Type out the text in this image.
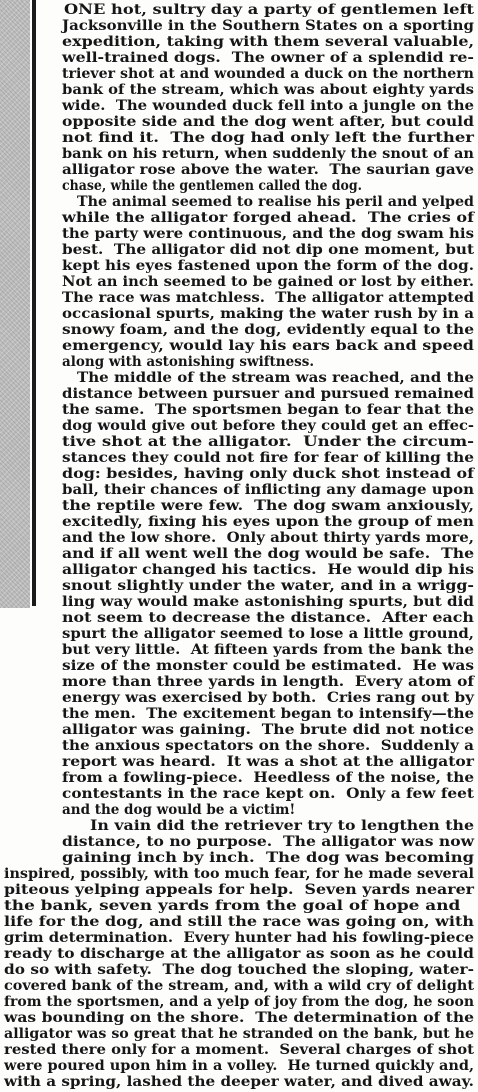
ONE hot, sultry day a party of gentlemen left
Jacksonville in the Southern States on a sporting
expedition, taking with them several valuable,
well-trained dogs.  The owner of a splendid re-
triever shot at and wounded a duck on the northern
bank of the stream, which was about eighty yards
wide.  The wounded duck fell into a jungle on the
opposite side and the dog went after, but could
not find it.  The dog had only left the further
bank on his return, when suddenly the snout of an
alligator rose above the water.  The saurian gave
chase, while the gentlemen called the dog.
The animal seemed to realise his peril and yelped
while the alligator forged ahead.  The cries of
the party were continuous, and the dog swam his
best.  The alligator did not dip one moment, but
kept his eyes fastened upon the form of the dog.
Not an inch seemed to be gained or lost by either.
The race was matchless.  The alligator attempted
occasional spurts, making the water rush by in a
snowy foam, and the dog, evidently equal to the
emergency, would lay his ears back and speed
along with astonishing swiftness.
The middle of the stream was reached, and the
distance between pursuer and pursued remained
the same.  The sportsmen began to fear that the
dog would give out before they could get an effec-
tive shot at the alligator.  Under the circum-
stances they could not fire for fear of killing the
dog: besides, having only duck shot instead of
ball, their chances of inflicting any damage upon
the reptile were few.  The dog swam anxiously,
excitedly, fixing his eyes upon the group of men
and the low shore.  Only about thirty yards more,
and if all went well the dog would be safe.  The
alligator changed his tactics.  He would dip his
snout slightly under the water, and in a wrigg-
ling way would make astonishing spurts, but did
not seem to decrease the distance.  After each
spurt the alligator seemed to lose a little ground,
but very little.  At fifteen yards from the bank the
size of the monster could be estimated.  He was
more than three yards in length.  Every atom of
energy was exercised by both.  Cries rang out by
the men.  The excitement began to intensify—the
alligator was gaining.  The brute did not notice
the anxious spectators on the shore.  Suddenly a
report was heard.  It was a shot at the alligator
from a fowling-piece.  Heedless of the noise, the
contestants in the race kept on.  Only a few feet
and the dog would be a victim!
In vain did the retriever try to lengthen the
distance, to no purpose.  The alligator was now
gaining inch by inch.  The dog was becoming
inspired, possibly, with too much fear, for he made several
piteous yelping appeals for help.  Seven yards nearer
the bank, seven yards from the goal of hope and
life for the dog, and still the race was going on, with
grim determination.  Every hunter had his fowling-piece
ready to discharge at the alligator as soon as he could
do so with safety.  The dog touched the sloping, water-
covered bank of the stream, and, with a wild cry of delight
from the sportsmen, and a yelp of joy from the dog, he soon
was bounding on the shore.  The determination of the
alligator was so great that he stranded on the bank, but he
rested there only for a moment.  Several charges of shot
were poured upon him in a volley.  He turned quickly and,
with a spring, lashed the deeper water, and dived away.
